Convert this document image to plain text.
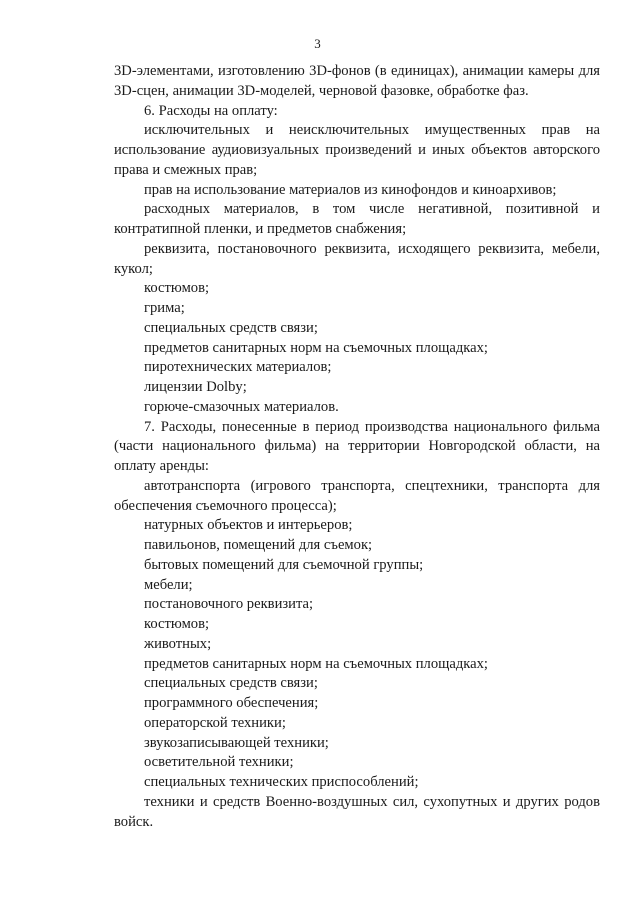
3

3D-элементами, изготовлению 3D-фонов (в единицах), анимации камеры для 3D-сцен, анимации 3D-моделей, черновой фазовке, обработке фаз.

6. Расходы на оплату:

исключительных и неисключительных имущественных прав на использование аудиовизуальных произведений и иных объектов авторского права и смежных прав;

прав на использование материалов из кинофондов и киноархивов;

расходных материалов, в том числе негативной, позитивной и контратипной пленки, и предметов снабжения;

реквизита, постановочного реквизита, исходящего реквизита, мебели, кукол;

костюмов;

грима;

специальных средств связи;

предметов санитарных норм на съемочных площадках;

пиротехнических материалов;

лицензии Dolby;

горюче-смазочных материалов.

7. Расходы, понесенные в период производства национального фильма (части национального фильма) на территории Новгородской области, на оплату аренды:

автотранспорта (игрового транспорта, спецтехники, транспорта для обеспечения съемочного процесса);

натурных объектов и интерьеров;

павильонов, помещений для съемок;

бытовых помещений для съемочной группы;

мебели;

постановочного реквизита;

костюмов;

животных;

предметов санитарных норм на съемочных площадках;

специальных средств связи;

программного обеспечения;

операторской техники;

звукозаписывающей техники;

осветительной техники;

специальных технических приспособлений;

техники и средств Военно-воздушных сил, сухопутных и других родов войск.
